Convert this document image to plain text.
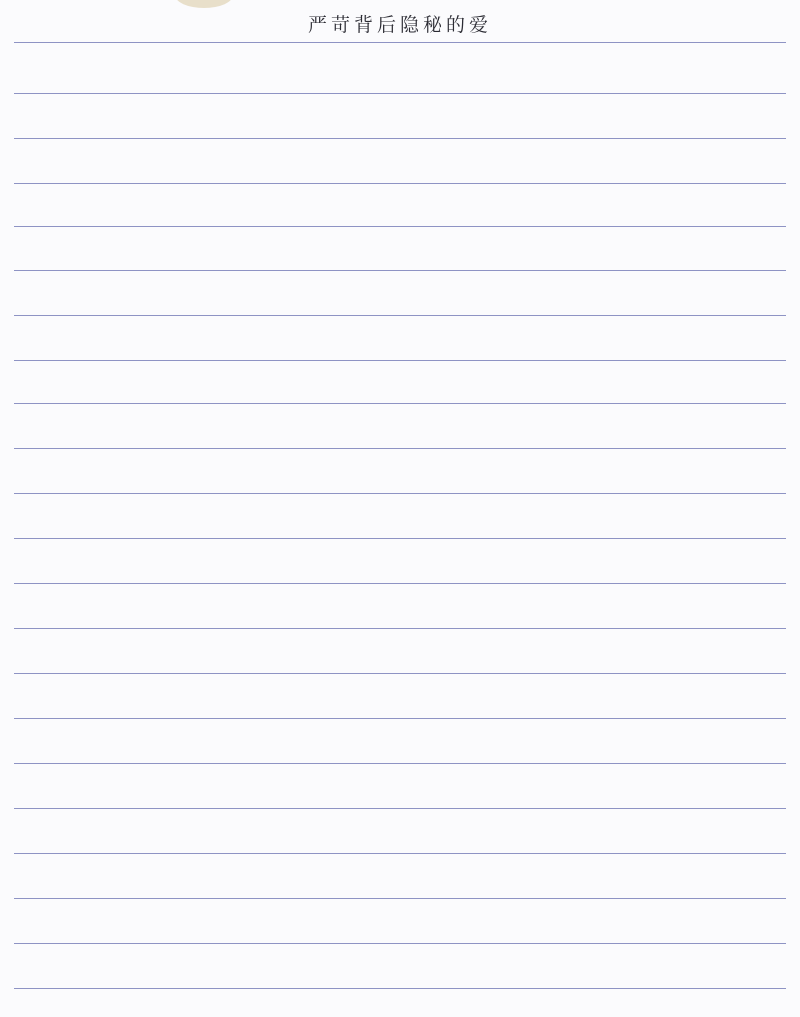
严苛背后隐秘的爱
